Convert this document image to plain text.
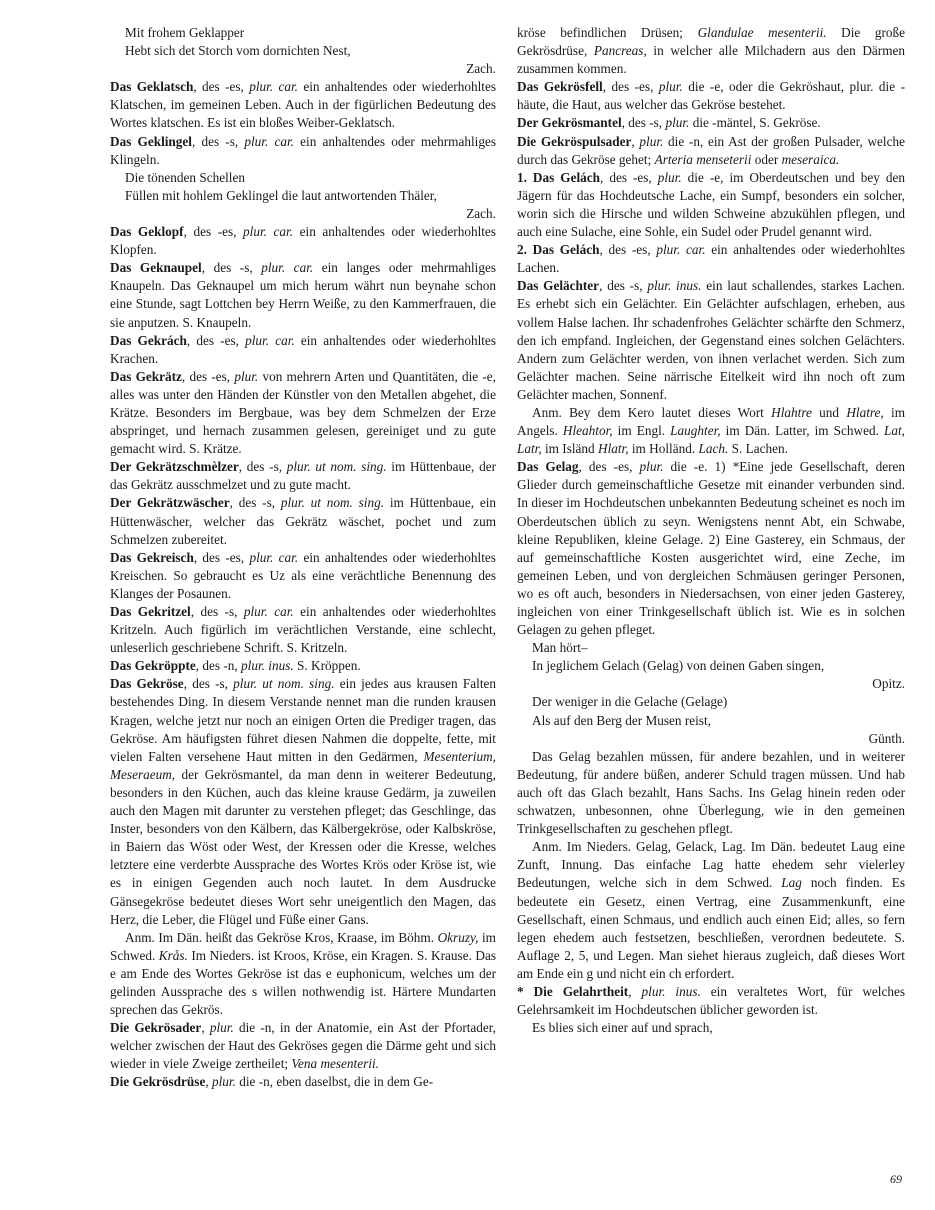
Mit frohem Geklapper

Hebt sich det Storch vom dornichten Nest,

Zach.

Das Geklatsch, des -es, plur. car. ein anhaltendes oder wiederhohltes Klatschen, im gemeinen Leben. Auch in der figürlichen Bedeutung des Wortes klatschen. Es ist ein bloßes Weiber-Geklatsch.

Das Geklingel, des -s, plur. car. ein anhaltendes oder mehrmahliges Klingeln.

Die tönenden Schellen

Füllen mit hohlem Geklingel die laut antwortenden Thäler,

Zach.

Das Geklopf, des -es, plur. car. ein anhaltendes oder wiederhohltes Klopfen.

Das Geknaupel, des -s, plur. car. ein langes oder mehrmahliges Knaupeln. Das Geknaupel um mich herum währt nun beynahe schon eine Stunde, sagt Lottchen bey Herrn Weiße, zu den Kammerfrauen, die sie anputzen. S. Knaupeln.

Das Gekrách, des -es, plur. car. ein anhaltendes oder wiederhohltes Krachen.

Das Gekrätz, des -es, plur. von mehrern Arten und Quantitäten, die -e, alles was unter den Händen der Künstler von den Metallen abgehet, die Krätze. Besonders im Bergbaue, was bey dem Schmelzen der Erze abspringet, und hernach zusammen gelesen, gereiniget und zu gute gemacht wird. S. Krätze.

Der Gekrätzschmèlzer, des -s, plur. ut nom. sing. im Hüttenbaue, der das Gekrätz ausschmelzet und zu gute macht.

Der Gekrätzwäscher, des -s, plur. ut nom. sing. im Hüttenbaue, ein Hüttenwäscher, welcher das Gekrätz wäschet, pochet und zum Schmelzen zubereitet.

Das Gekreisch, des -es, plur. car. ein anhaltendes oder wiederhohltes Kreischen. So gebraucht es Uz als eine verächtliche Benennung des Klanges der Posaunen.

Das Gekritzel, des -s, plur. car. ein anhaltendes oder wiederhohltes Kritzeln. Auch figürlich im verächtlichen Verstande, eine schlecht, unleserlich geschriebene Schrift. S. Kritzeln.

Das Gekröppte, des -n, plur. inus. S. Kröppen.

Das Gekröse, des -s, plur. ut nom. sing. ein jedes aus krausen Falten bestehendes Ding. In diesem Verstande nennet man die runden krausen Kragen, welche jetzt nur noch an einigen Orten die Prediger tragen, das Gekröse. Am häufigsten führet diesen Nahmen die doppelte, fette, mit vielen Falten versehene Haut mitten in den Gedärmen, Mesenterium, Meseraeum, der Gekrösmantel, da man denn in weiterer Bedeutung, besonders in den Küchen, auch das kleine krause Gedärm, ja zuweilen auch den Magen mit darunter zu verstehen pfleget; das Geschlinge, das Inster, besonders von den Kälbern, das Kälbergekröse, oder Kalbskröse, in Baiern das Wöst oder West, der Kressen oder die Kresse, welches letztere eine verderbte Aussprache des Wortes Krös oder Kröse ist, wie es in einigen Gegenden auch noch lautet. In dem Ausdrucke Gänsegekröse bedeutet dieses Wort sehr uneigentlich den Magen, das Herz, die Leber, die Flügel und Füße einer Gans.

Anm. Im Dän. heißt das Gekröse Kros, Kraase, im Böhm. Okruzy, im Schwed. Krås. Im Nieders. ist Kroos, Kröse, ein Kragen. S. Krause. Das e am Ende des Wortes Gekröse ist das e euphonicum, welches um der gelinden Aussprache des s willen nothwendig ist. Härtere Mundarten sprechen das Gekrös.

Die Gekrösader, plur. die -n, in der Anatomie, ein Ast der Pfortader, welcher zwischen der Haut des Gekröses gegen die Därme geht und sich wieder in viele Zweige zertheilet; Vena mesenterii.

Die Gekrösdrüse, plur. die -n, eben daselbst, die in dem Ge-

kröse befindlichen Drüsen; Glandulae mesenterii. Die große Gekrösdrüse, Pancreas, in welcher alle Milchadern aus den Därmen zusammen kommen.

Das Gekrösfell, des -es, plur. die -e, oder die Gekröshaut, plur. die -häute, die Haut, aus welcher das Gekröse bestehet.

Der Gekrösmantel, des -s, plur. die -mäntel, S. Gekröse.

Die Gekröspulsader, plur. die -n, ein Ast der großen Pulsader, welche durch das Gekröse gehet; Arteria menseterii oder meseraica.

1. Das Gelách, des -es, plur. die -e, im Oberdeutschen und bey den Jägern für das Hochdeutsche Lache, ein Sumpf, besonders ein solcher, worin sich die Hirsche und wilden Schweine abzukühlen pflegen, und auch eine Sulache, eine Sohle, ein Sudel oder Prudel genannt wird.

2. Das Gelách, des -es, plur. car. ein anhaltendes oder wiederhohltes Lachen.

Das Gelächter, des -s, plur. inus. ein laut schallendes, starkes Lachen. Es erhebt sich ein Gelächter. Ein Gelächter aufschlagen, erheben, aus vollem Halse lachen. Ihr schadenfrohes Gelächter schärfte den Schmerz, den ich empfand. Ingleichen, der Gegenstand eines solchen Gelächters. Andern zum Gelächter werden, von ihnen verlachet werden. Sich zum Gelächter machen. Seine närrische Eitelkeit wird ihn noch oft zum Gelächter machen, Sonnenf.

Anm. Bey dem Kero lautet dieses Wort Hlahtre und Hlatre, im Angels. Hleahtor, im Engl. Laughter, im Dän. Latter, im Schwed. Lat, Latr, im Isländ Hlatr, im Holländ. Lach. S. Lachen.

Das Gelag, des -es, plur. die -e. 1) *Eine jede Gesellschaft, deren Glieder durch gemeinschaftliche Gesetze mit einander verbunden sind. In dieser im Hochdeutschen unbekannten Bedeutung scheinet es noch im Oberdeutschen üblich zu seyn. Wenigstens nennt Abt, ein Schwabe, kleine Republiken, kleine Gelage. 2) Eine Gasterey, ein Schmaus, der auf gemeinschaftliche Kosten ausgerichtet wird, eine Zeche, im gemeinen Leben, und von dergleichen Schmäusen geringer Personen, wo es oft auch, besonders in Niedersachsen, von einer jeden Gasterey, ingleichen von einer Trinkgesellschaft üblich ist. Wie es in solchen Gelagen zu gehen pfleget.

Man hört–

In jeglichem Gelach (Gelag) von deinen Gaben singen,

Opitz.

Der weniger in die Gelache (Gelage)

Als auf den Berg der Musen reist,

Günth.

Das Gelag bezahlen müssen, für andere bezahlen, und in weiterer Bedeutung, für andere büßen, anderer Schuld tragen müssen. Und hab auch oft das Glach bezahlt, Hans Sachs. Ins Gelag hinein reden oder schwatzen, unbesonnen, ohne Überlegung, wie in den gemeinen Trinkgesellschaften zu geschehen pflegt.

Anm. Im Nieders. Gelag, Gelack, Lag. Im Dän. bedeutet Laug eine Zunft, Innung. Das einfache Lag hatte ehedem sehr vielerley Bedeutungen, welche sich in dem Schwed. Lag noch finden. Es bedeutete ein Gesetz, einen Vertrag, eine Zusammenkunft, eine Gesellschaft, einen Schmaus, und endlich auch einen Eid; alles, so fern legen ehedem auch festsetzen, beschließen, verordnen bedeutete. S. Auflage 2, 5, und Legen. Man siehet hieraus zugleich, daß dieses Wort am Ende ein g und nicht ein ch erfordert.

* Die Gelahrtheit, plur. inus. ein veraltetes Wort, für welches Gelehrsamkeit im Hochdeutschen üblicher geworden ist.

Es blies sich einer auf und sprach,

69
